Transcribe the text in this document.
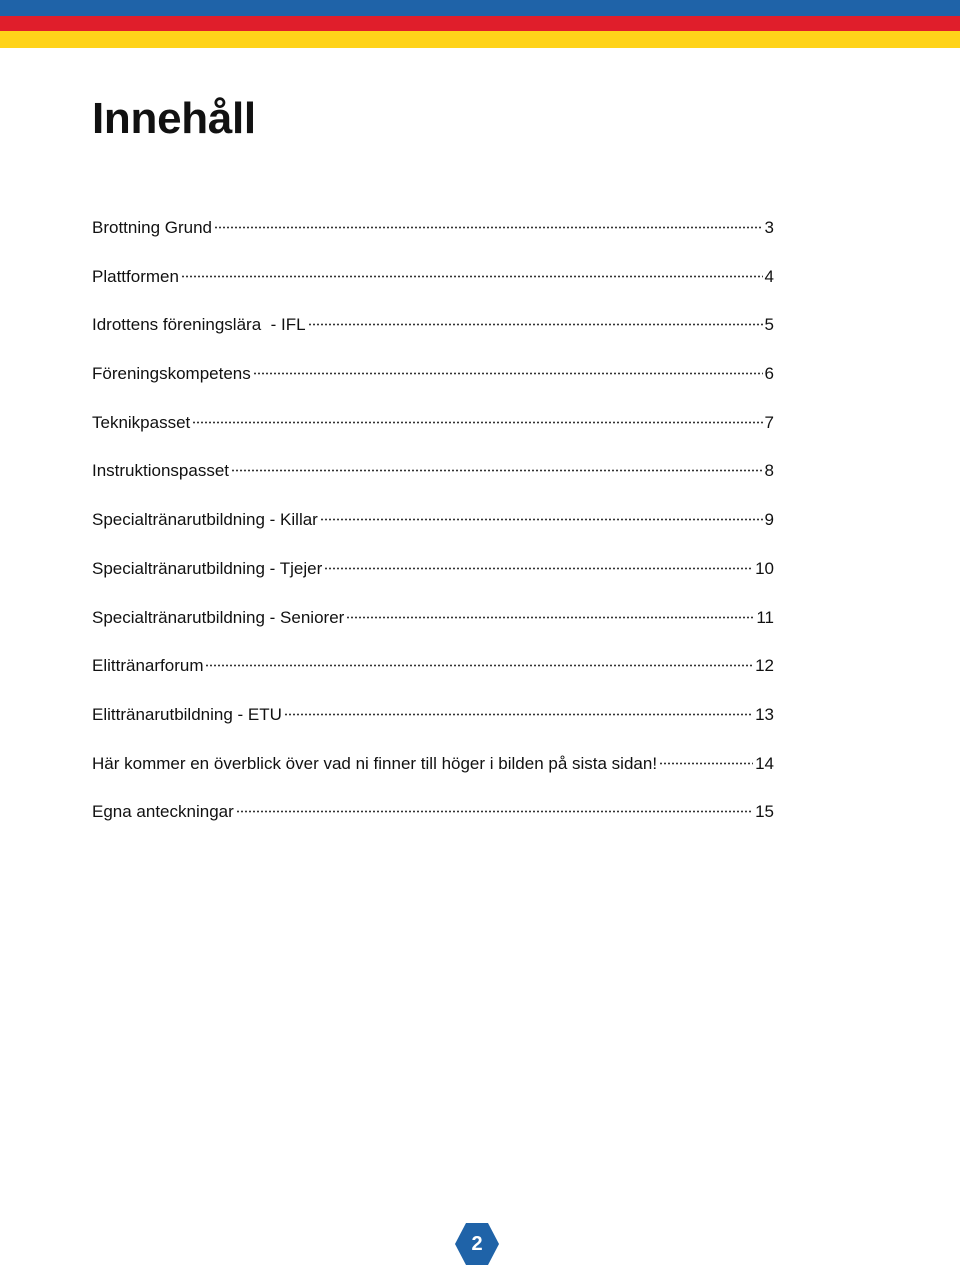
Innehåll
Brottning Grund	3
Plattformen	4
Idrottens föreningslära  - IFL	5
Föreningskompetens	6
Teknikpasset	7
Instruktionspasset	8
Specialtränarutbildning - Killar	9
Specialtränarutbildning - Tjejer	10
Specialtränarutbildning - Seniorer	11
Elittränarforum	12
Elittränarutbildning - ETU	13
Här kommer en överblick över vad ni finner till höger i bilden på sista sidan!	14
Egna anteckningar	15
2
